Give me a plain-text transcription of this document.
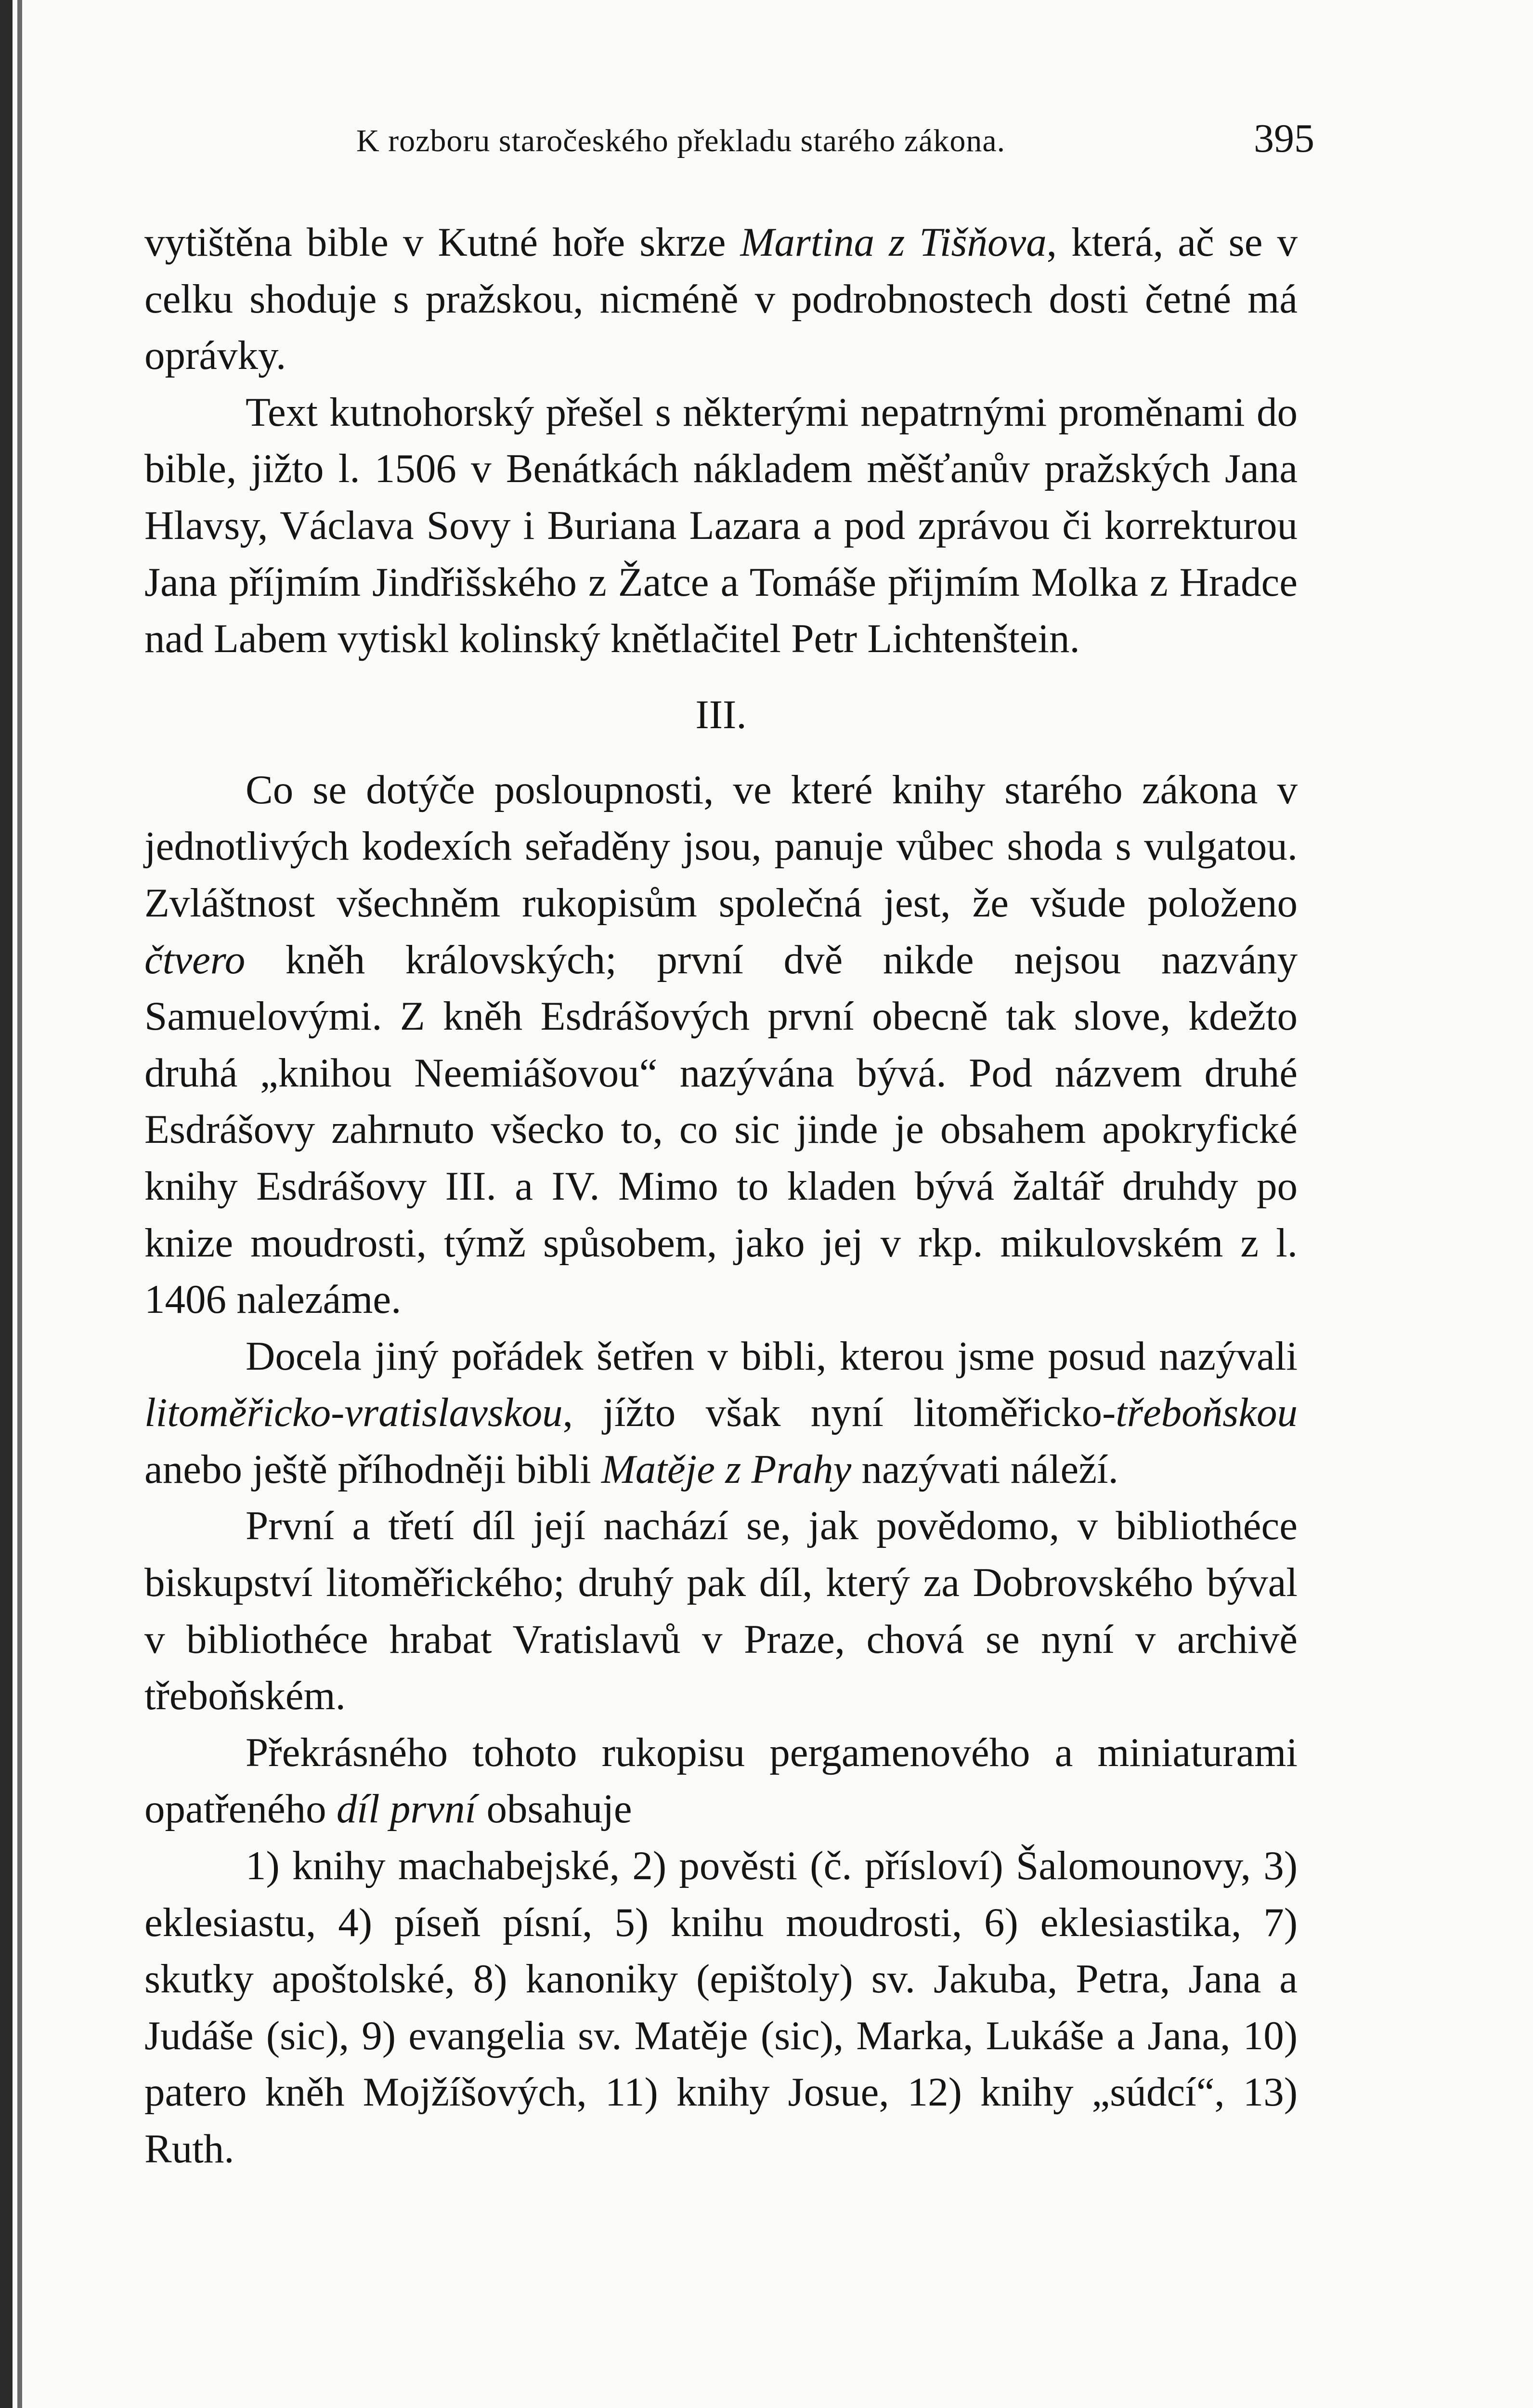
K rozboru staročeského překladu starého zákona.	395

vytištěna bible v Kutné hoře skrze Martina z Tišňova, která, ač se v celku shoduje s pražskou, nicméně v podrobnostech dosti četné má oprávky.

Text kutnohorský přešel s některými nepatrnými proměnami do bible, jižto l. 1506 v Benátkách nákladem měšťanův pražských Jana Hlavsy, Václava Sovy i Buriana Lazara a pod zprávou či korrekturou Jana příjmím Jindřišského z Žatce a Tomáše přijmím Molka z Hradce nad Labem vytiskl kolinský knětlačitel Petr Lichtenštein.

III.

Co se dotýče posloupnosti, ve které knihy starého zákona v jednotlivých kodexích seřaděny jsou, panuje vůbec shoda s vulgatou. Zvláštnost všechněm rukopisům společná jest, že všude položeno čtvero kněh královských; první dvě nikde nejsou nazvány Samuelovými. Z kněh Esdrášových první obecně tak slove, kdežto druhá „knihou Neemiášovou“ nazývána bývá. Pod názvem druhé Esdrášovy zahrnuto všecko to, co sic jinde je obsahem apokryfické knihy Esdrášovy III. a IV. Mimo to kladen bývá žaltář druhdy po knize moudrosti, týmž spůsobem, jako jej v rkp. mikulovském z l. 1406 nalezáme.

Docela jiný pořádek šetřen v bibli, kterou jsme posud nazývali litoměřicko-vratislavskou, jížto však nyní litoměřicko-třeboňskou anebo ještě příhodněji bibli Matěje z Prahy nazývati náleží.

První a třetí díl její nachází se, jak povědomo, v bibliothéce biskupství litoměřického; druhý pak díl, který za Dobrovského býval v bibliothéce hrabat Vratislavů v Praze, chová se nyní v archivě třeboňském.

Překrásného tohoto rukopisu pergamenového a miniaturami opatřeného díl první obsahuje

1) knihy machabejské, 2) pověsti (č. přísloví) Šalomounovy, 3) eklesiastu, 4) píseň písní, 5) knihu moudrosti, 6) eklesiastika, 7) skutky apoštolské, 8) kanoniky (epištoly) sv. Jakuba, Petra, Jana a Judáše (sic), 9) evangelia sv. Matěje (sic), Marka, Lukáše a Jana, 10) patero kněh Mojžíšových, 11) knihy Josue, 12) knihy „súdcí“, 13) Ruth.
